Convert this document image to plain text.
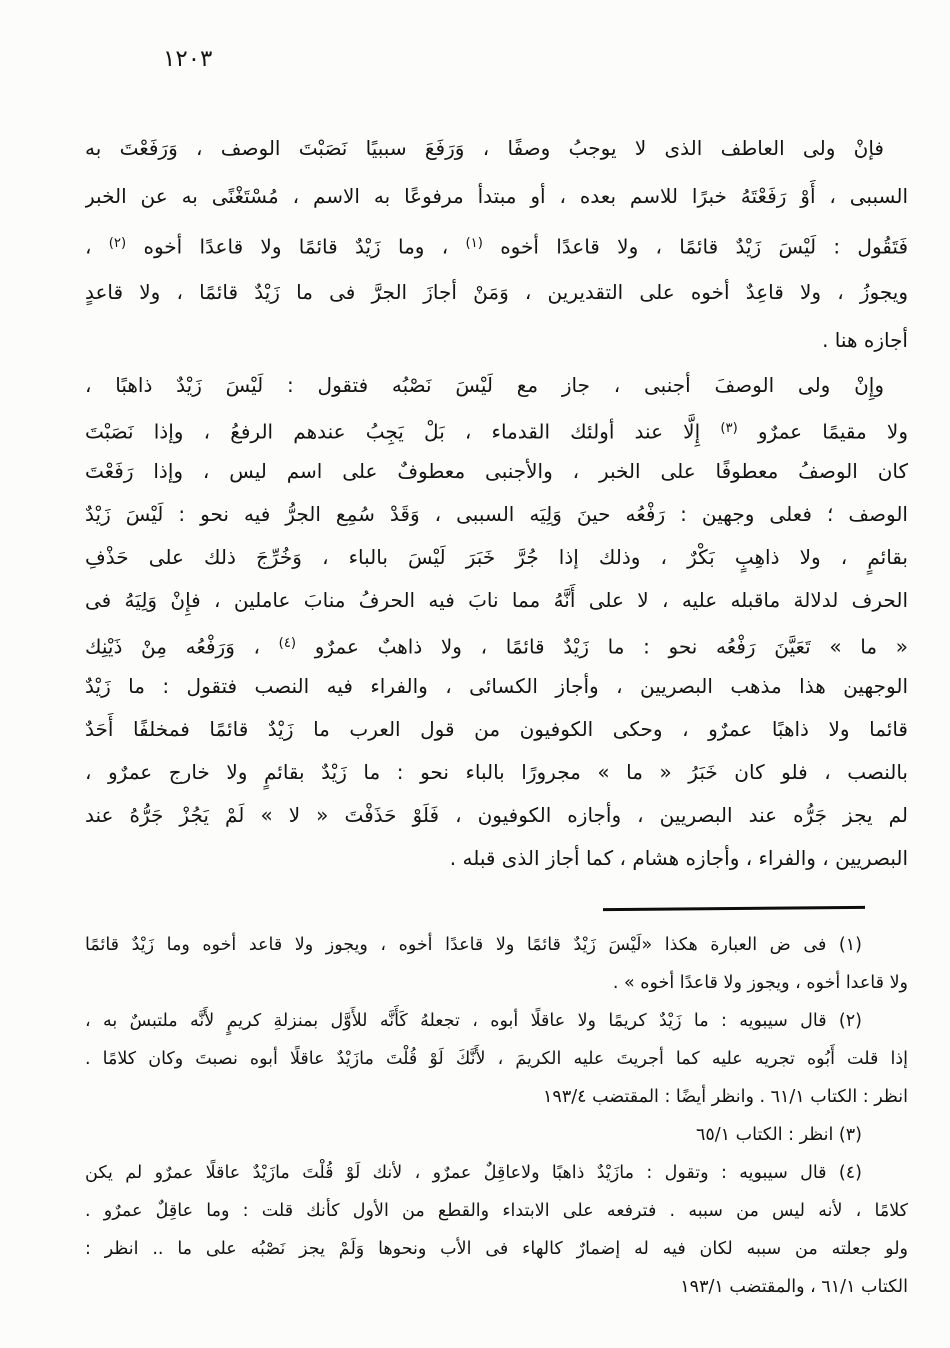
١٢٠٣
فإنْ ولى العاطف الذى لا يوجبُ وصفًا ، وَرَفَعَ سببيًا نَصَبْتَ الوصف ، وَرَفَعْتَ به
السببى ، أَوْ رَفَعْتَهُ خبرًا للاسم بعده ، أو مبتدأ مرفوعًا به الاسم ، مُسْتَغْنًى به عن الخبر
فَتَقُول : لَيْسَ زَيْدٌ قائمًا ، ولا قاعدًا أخوه $^{(١)}$ ، وما زَيْدٌ قائمًا ولا قاعدًا أخوه $^{(٢)}$ ،
ويجوزُ ، ولا قاعِدٌ أخوه على التقديرين ، وَمَنْ أجازَ الجرَّ فى ما زَيْدٌ قائمًا ، ولا قاعدٍ
أجازه هنا .
وإِنْ ولى الوصفَ أجنبى ، جاز مع لَيْسَ نَصْبُه فتقول : لَيْسَ زَيْدٌ ذاهبًا ،
ولا مقيمًا عمرٌو $^{(٣)}$ إِلَّا عند أولئك القدماء ، بَلْ يَجِبُ عندهم الرفعُ ، وإذا نَصَبْتَ
كان الوصفُ معطوفًا على الخبر ، والأجنبى معطوفٌ على اسم ليس ، وإذا رَفَعْتَ
الوصف ؛ فعلى وجهين : رَفْعُه حينَ وَلِيَه السببى ، وَقَدْ سُمِع الجرُّ فيه نحو : لَيْسَ زَيْدٌ
بقائمٍ ، ولا ذاهِبٍ بَكْرٌ ، وذلك إذا جُرَّ خَبَرَ لَيْسَ بالباء ، وَخُرِّجَ ذلك على حَذْفِ
الحرف لدلالة ماقبله عليه ، لا على أَنَّهُ مما نابَ فيه الحرفُ منابَ عاملين ، فإِنْ وَلِيَهُ فى
« ما » تَعَيَّنَ رَفْعُه نحو : ما زَيْدٌ قائمًا ، ولا ذاهبٌ عمرٌو $^{(٤)}$ ، وَرَفْعُه مِنْ ذَيْنِك
الوجهين هذا مذهب البصريين ، وأجاز الكسائى ، والفراء فيه النصب فتقول : ما زَيْدٌ
قائما ولا ذاهبًا عمرٌو ، وحكى الكوفيون من قول العرب ما زَيْدٌ قائمًا فمخلفًا أَحَدٌ
بالنصب ، فلو كان خَبَرُ « ما » مجرورًا بالباء نحو : ما زَيْدٌ بقائمٍ ولا خارج عمرٌو ،
لم يجز جَرُّه عند البصريين ، وأجازه الكوفيون ، فَلَوْ حَذَفْتَ « لا » لَمْ يَجُزْ جَرُّهُ عند
البصريين ، والفراء ، وأجازه هشام ، كما أجاز الذى قبله .
(١) فى ض العبارة هكذا «لَيْسَ زَيْدٌ قائمًا ولا قاعدًا أخوه ، ويجوز ولا قاعد أخوه وما زَيْدٌ قائمًا
ولا قاعدا أخوه ، ويجوز ولا قاعدًا أخوه » .
(٢) قال سيبويه : ما زَيْدٌ كريمًا ولا عاقلًا أبوه ، تجعلهُ كَأَنَّه للأَوَّل بمنزلةِ كريمٍ لأَنَّه ملتبسٌ به ،
إذا قلت أَبُوه تجريه عليه كما أجريتَ عليه الكريمَ ، لأَنَّكَ لَوْ قُلْتَ مازَيْدٌ عاقلًا أبوه نصبتَ وكان كلامًا .
انظر : الكتاب ٦١/١ . وانظر أيضًا : المقتضب ١٩٣/٤
(٣) انظر : الكتاب ٦٥/١
(٤) قال سيبويه : وتقول : مازَيْدٌ ذاهبًا ولاعاقِلٌ عمرٌو ، لأنك لَوْ قُلْتَ مازَيْدٌ عاقلًا عمرٌو لم يكن
كلامًا ، لأنه ليس من سببه . فترفعه على الابتداء والقطع من الأول كأنك قلت : وما عاقِلٌ عمرٌو .
ولو جعلته من سببه لكان فيه له إضمارٌ كالهاء فى الأب ونحوها وَلَمْ يجز نَصْبُه على ما .. انظر :
الكتاب ٦١/١ ، والمقتضب ١٩٣/١
